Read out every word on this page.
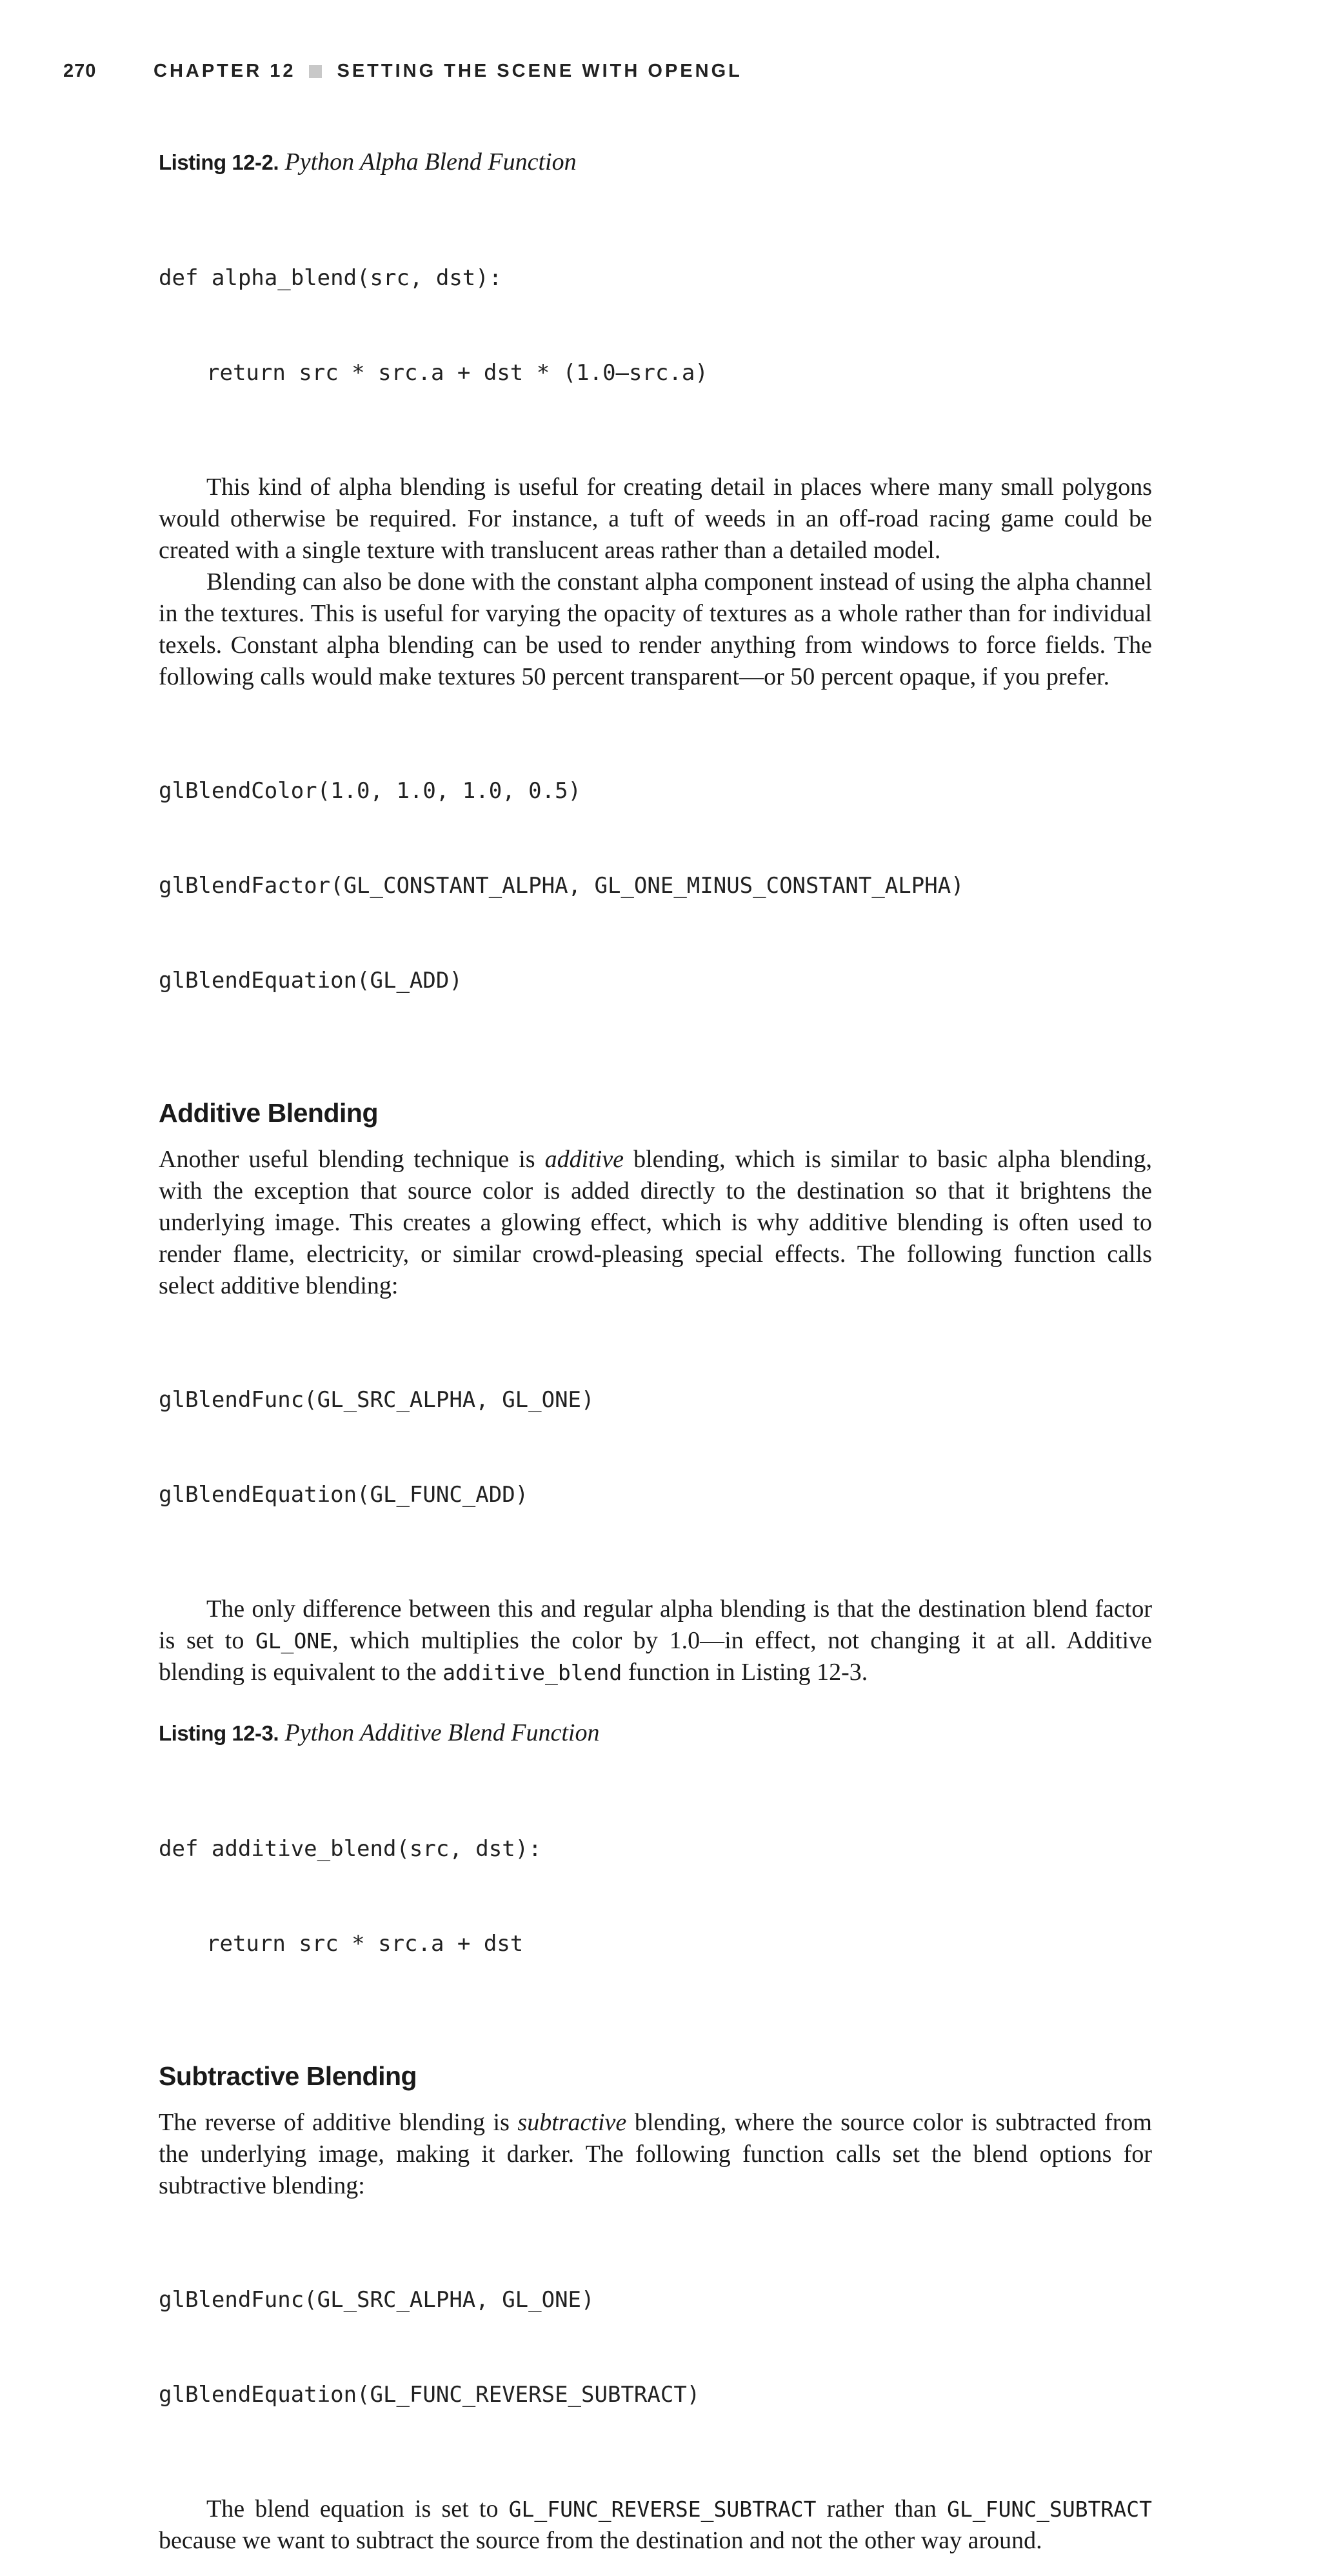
270	CHAPTER 12 SETTING THE SCENE WITH OPENGL
Listing 12-2. Python Alpha Blend Function

def alpha_blend(src, dst):

return src * src.a + dst * (1.0–src.a)

This kind of alpha blending is useful for creating detail in places where many small polygons would otherwise be required. For instance, a tuft of weeds in an off-road racing game could be created with a single texture with translucent areas rather than a detailed model.

Blending can also be done with the constant alpha component instead of using the alpha channel in the textures. This is useful for varying the opacity of textures as a whole rather than for individual texels. Constant alpha blending can be used to render anything from windows to force fields. The following calls would make textures 50 percent transparent—or 50 percent opaque, if you prefer.

glBlendColor(1.0, 1.0, 1.0, 0.5)

glBlendFactor(GL_CONSTANT_ALPHA, GL_ONE_MINUS_CONSTANT_ALPHA)

glBlendEquation(GL_ADD)

Additive Blending

Another useful blending technique is additive blending, which is similar to basic alpha blending, with the exception that source color is added directly to the destination so that it brightens the underlying image. This creates a glowing effect, which is why additive blending is often used to render flame, electricity, or similar crowd-pleasing special effects. The following function calls select additive blending:

glBlendFunc(GL_SRC_ALPHA, GL_ONE)

glBlendEquation(GL_FUNC_ADD)

The only difference between this and regular alpha blending is that the destination blend factor is set to GL_ONE, which multiplies the color by 1.0—in effect, not changing it at all. Additive blending is equivalent to the additive_blend function in Listing 12-3.

Listing 12-3. Python Additive Blend Function

def additive_blend(src, dst):

return src * src.a + dst

Subtractive Blending

The reverse of additive blending is subtractive blending, where the source color is subtracted from the underlying image, making it darker. The following function calls set the blend options for subtractive blending:

glBlendFunc(GL_SRC_ALPHA, GL_ONE)

glBlendEquation(GL_FUNC_REVERSE_SUBTRACT)

The blend equation is set to GL_FUNC_REVERSE_SUBTRACT rather than GL_FUNC_SUBTRACT because we want to subtract the source from the destination and not the other way around.
